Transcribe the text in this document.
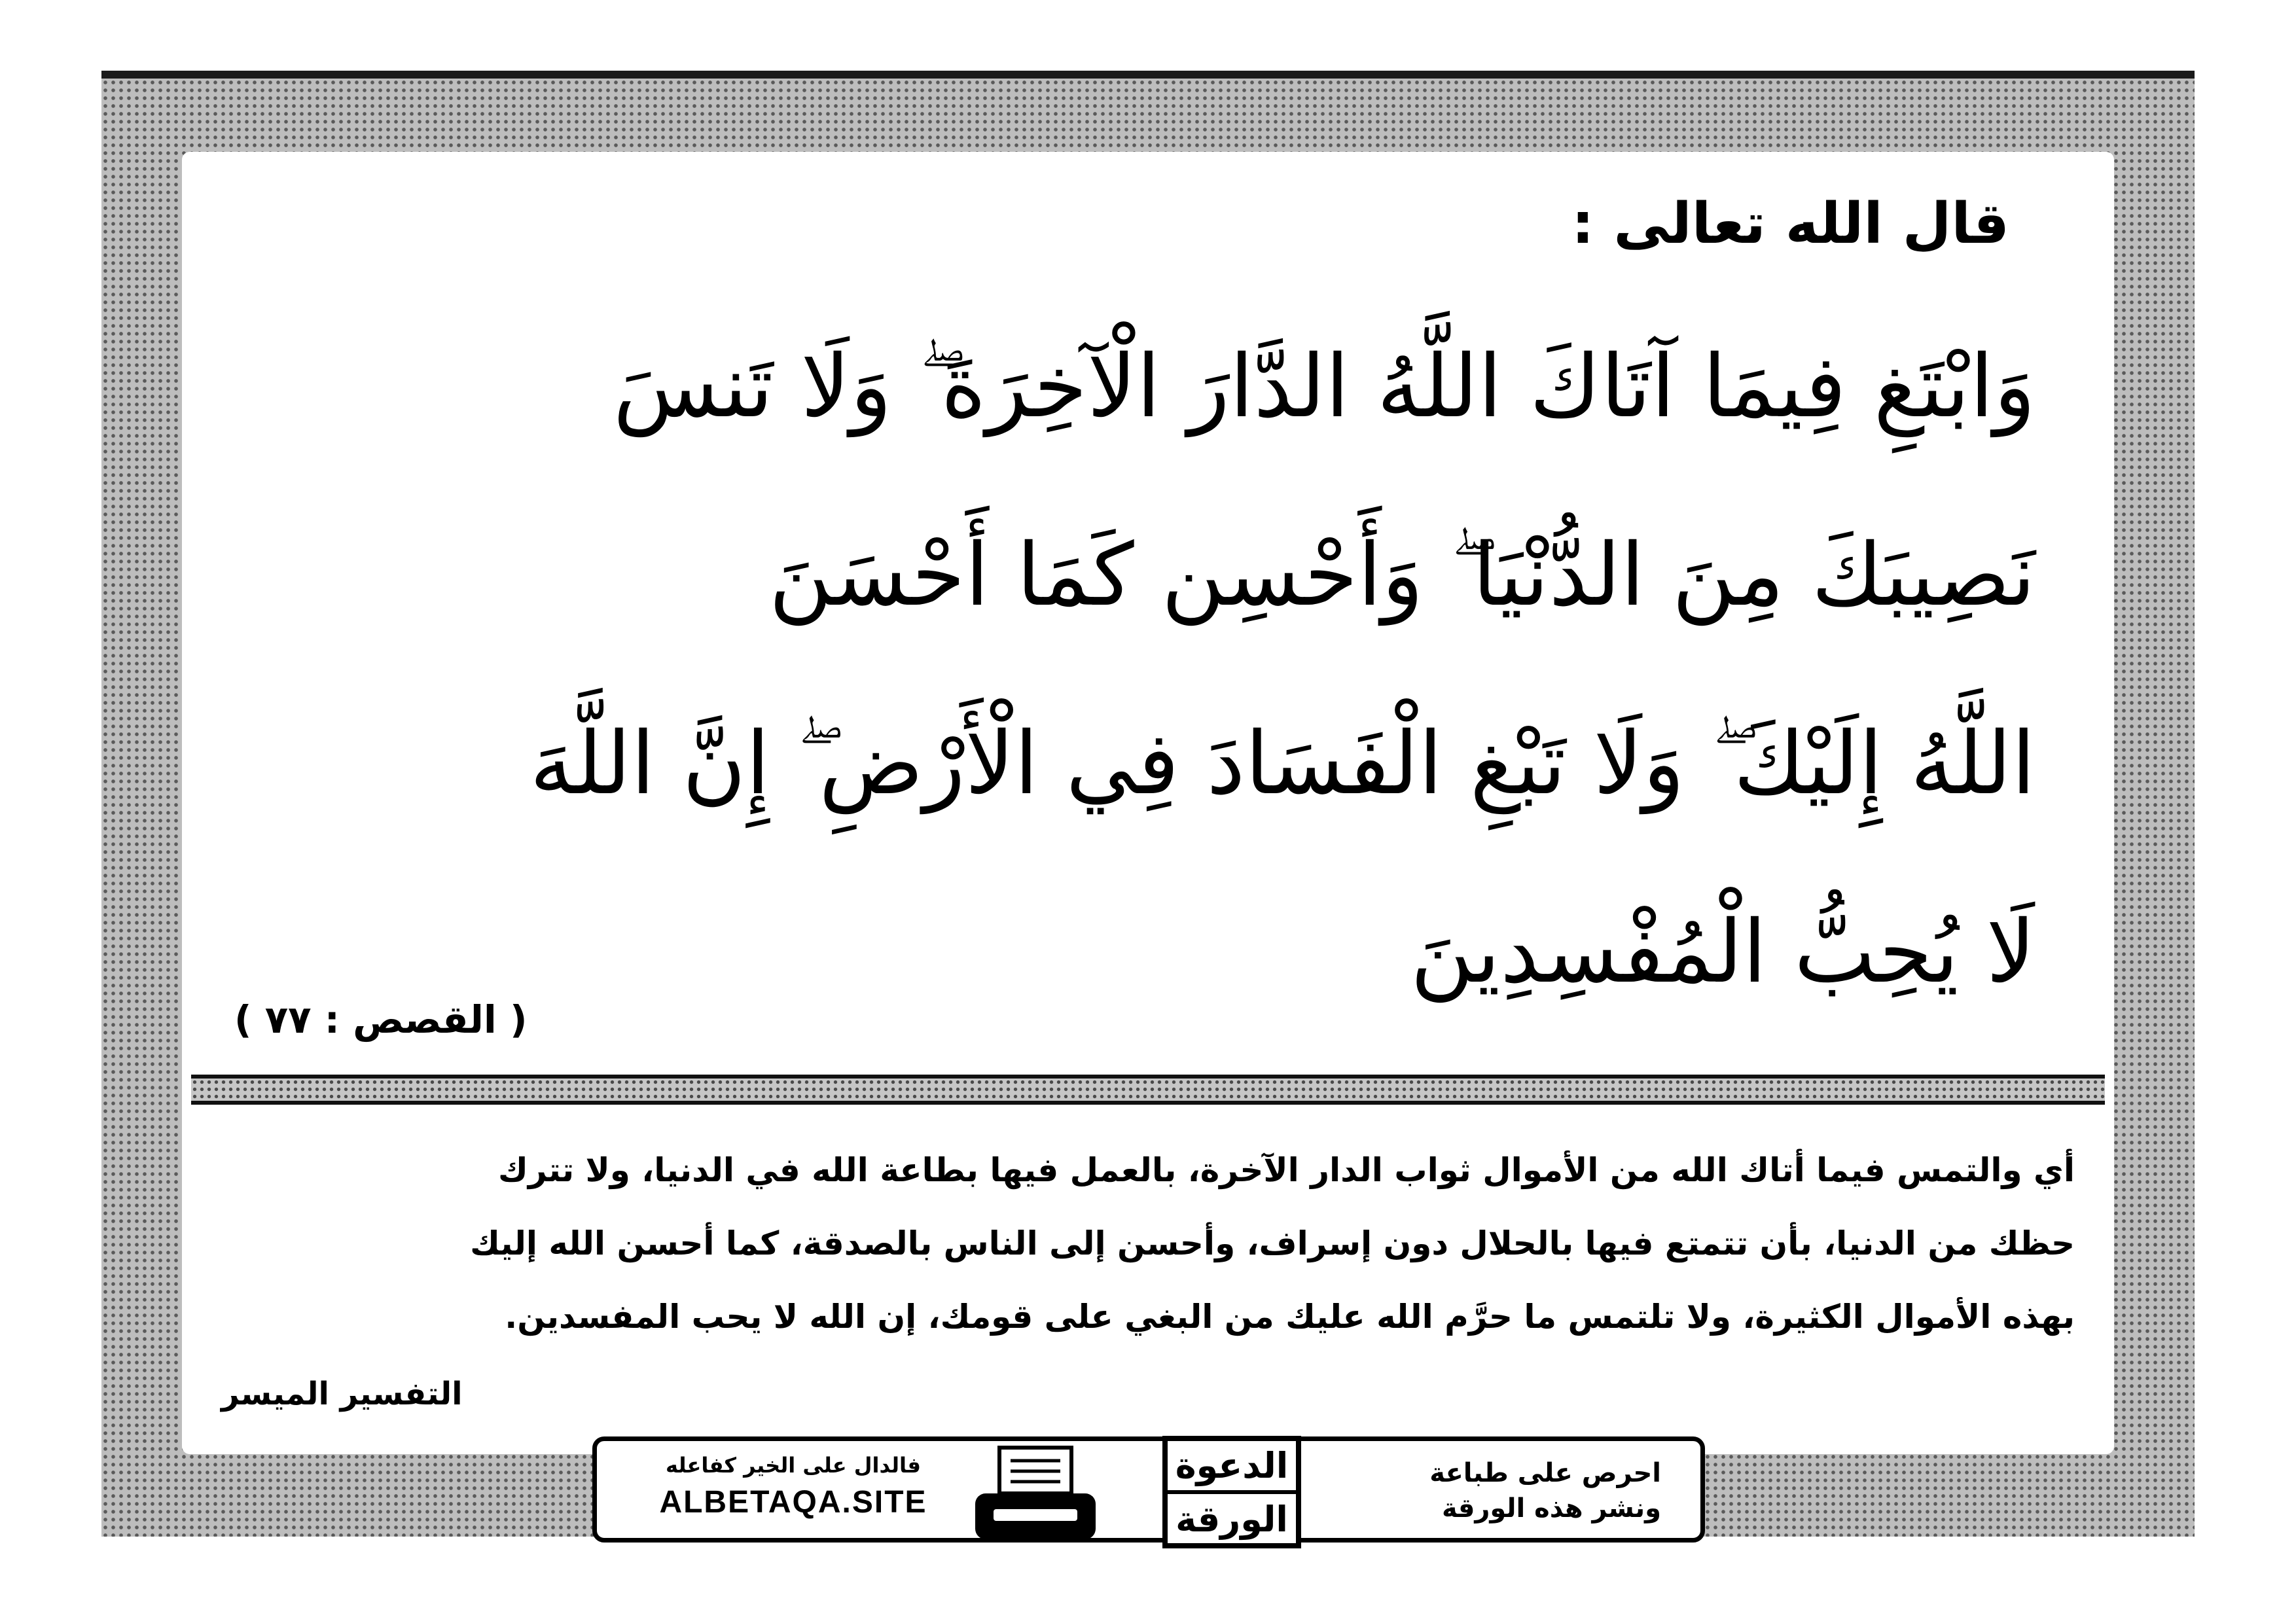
قال الله تعالى :

وَابْتَغِ فِيمَا آتَاكَ اللَّهُ الدَّارَ الْآخِرَةَ ۖ وَلَا تَنسَ
نَصِيبَكَ مِنَ الدُّنْيَا ۖ وَأَحْسِن كَمَا أَحْسَنَ
اللَّهُ إِلَيْكَ ۖ وَلَا تَبْغِ الْفَسَادَ فِي الْأَرْضِ ۖ إِنَّ اللَّهَ
لَا يُحِبُّ الْمُفْسِدِينَ

( القصص : ٧٧ )

أي والتمس فيما أتاك الله من الأموال ثواب الدار الآخرة، بالعمل فيها بطاعة الله في الدنيا، ولا تترك
حظك من الدنيا، بأن تتمتع فيها بالحلال دون إسراف، وأحسن إلى الناس بالصدقة، كما أحسن الله إليك
بهذه الأموال الكثيرة، ولا تلتمس ما حرَّم الله عليك من البغي على قومك، إن الله لا يحب المفسدين.

التفسير الميسر

فالدال على الخير كفاعله
ALBETAQA.SITE
الدعوة
الورقة
احرص على طباعة
ونشر هذه الورقة
